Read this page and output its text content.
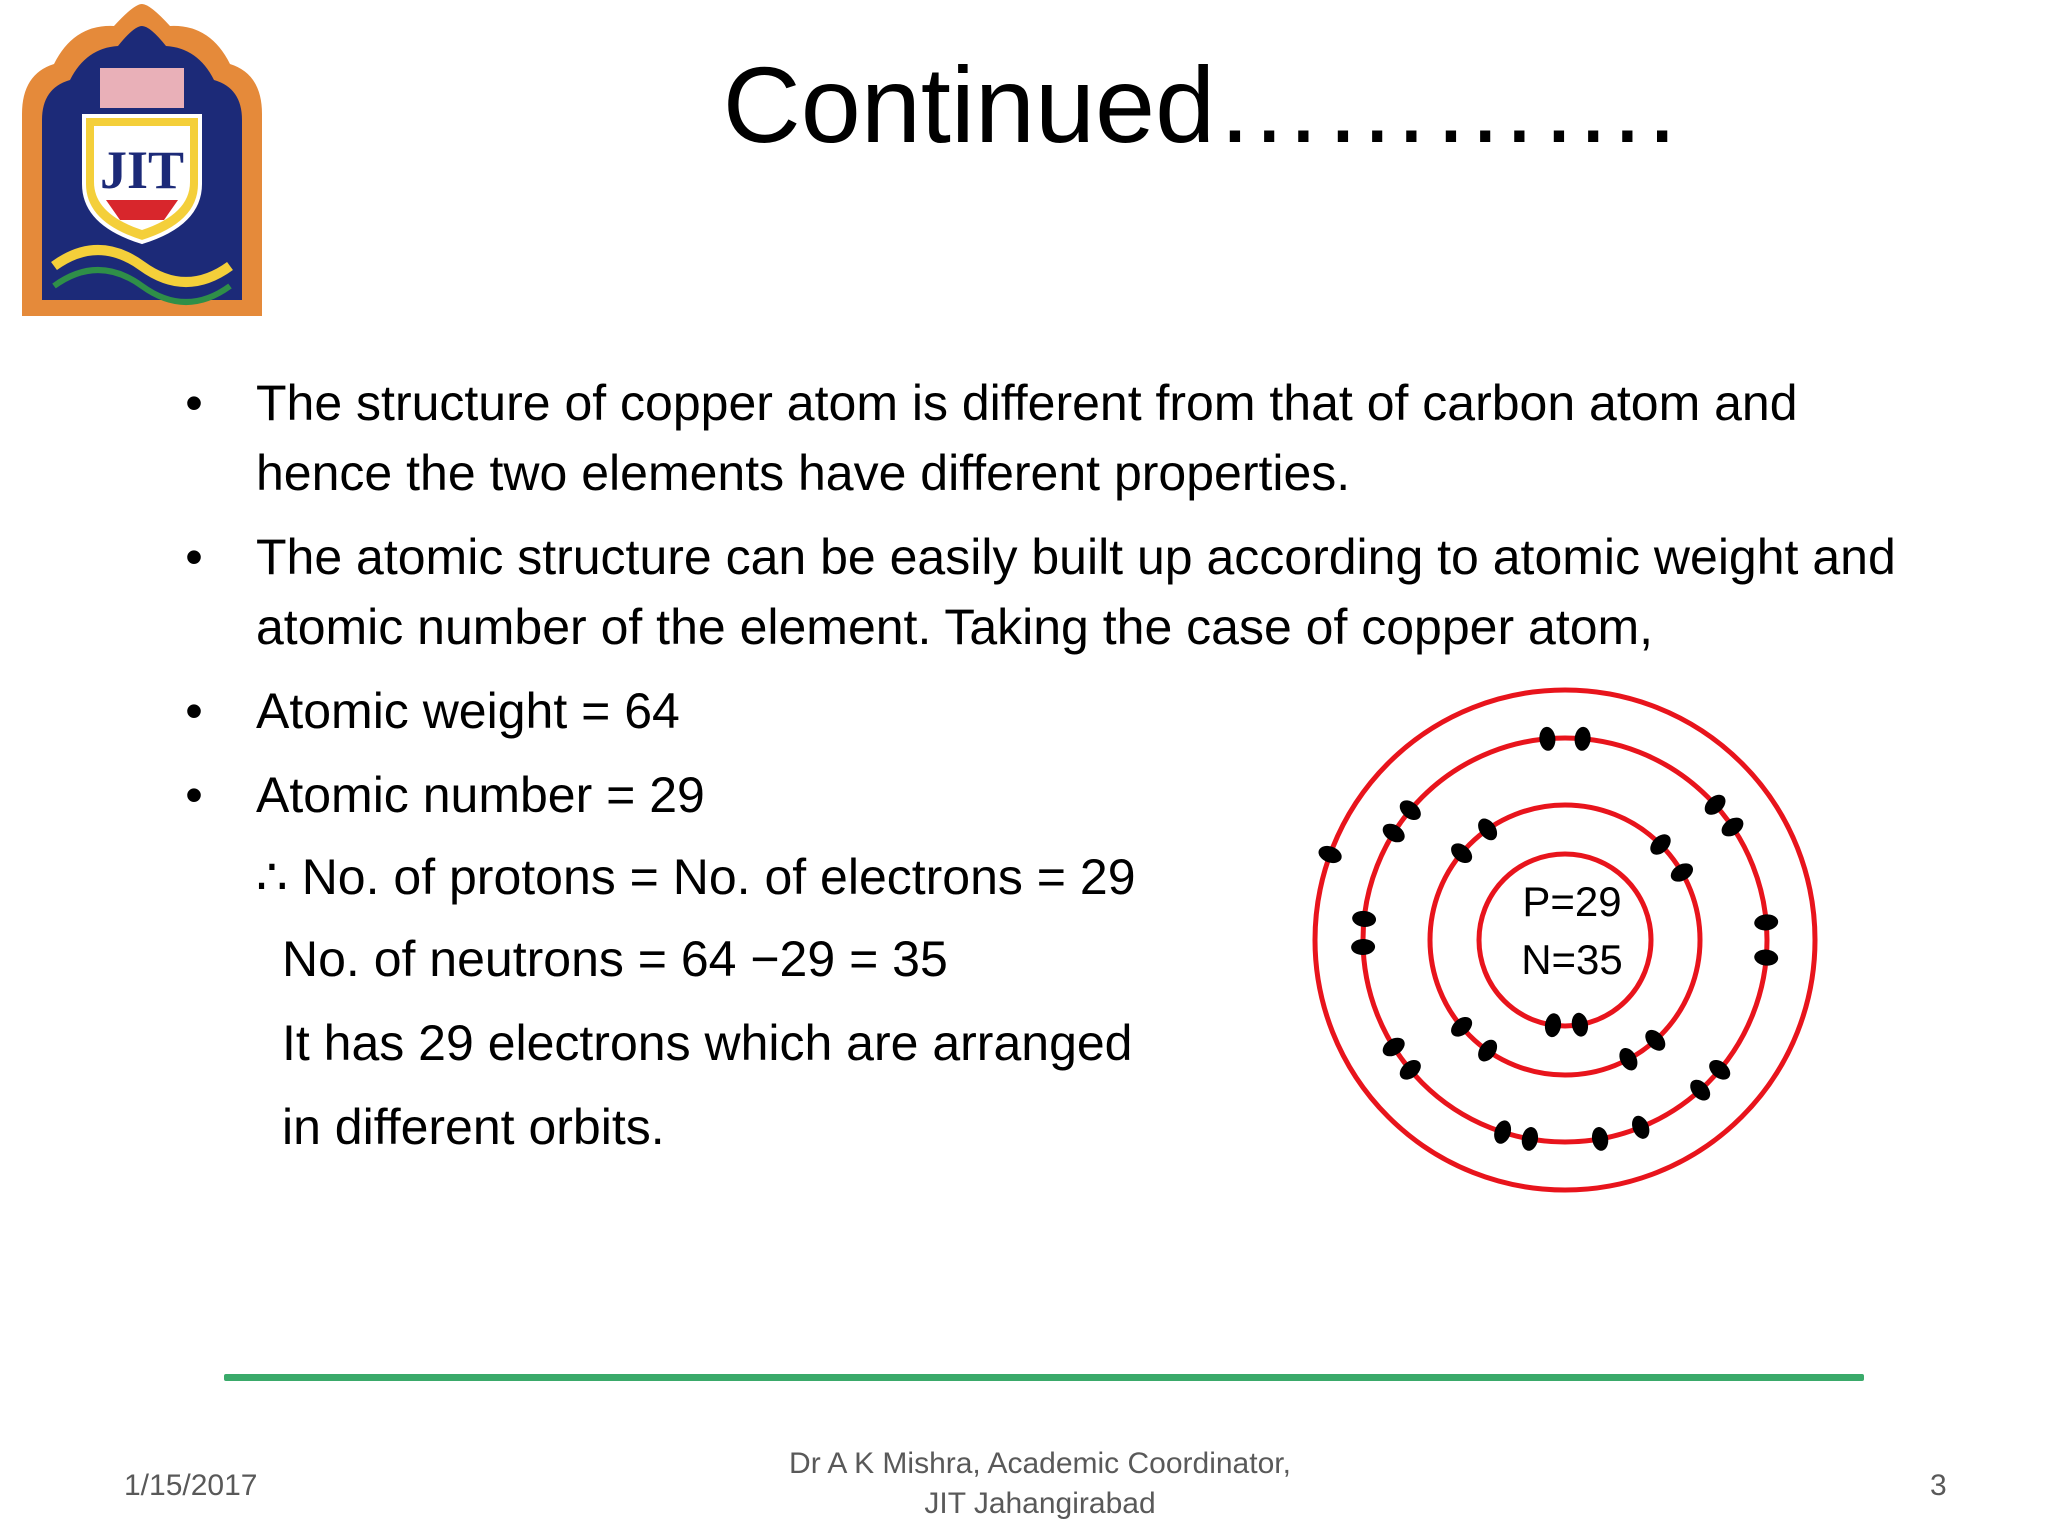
JIT
Continued………….
• The structure of copper atom is different from that of carbon atom and hence the two elements have different properties.
• The atomic structure can be easily built up according to atomic weight and atomic number of the element. Taking the case of copper atom,
• Atomic weight = 64
• Atomic number = 29
∴ No. of protons = No. of electrons = 29
No. of neutrons = 64 −29 = 35
It has 29 electrons which are arranged
in different orbits.
P=29
N=35
1/15/2017
Dr A K Mishra, Academic Coordinator,
JIT Jahangirabad
3
